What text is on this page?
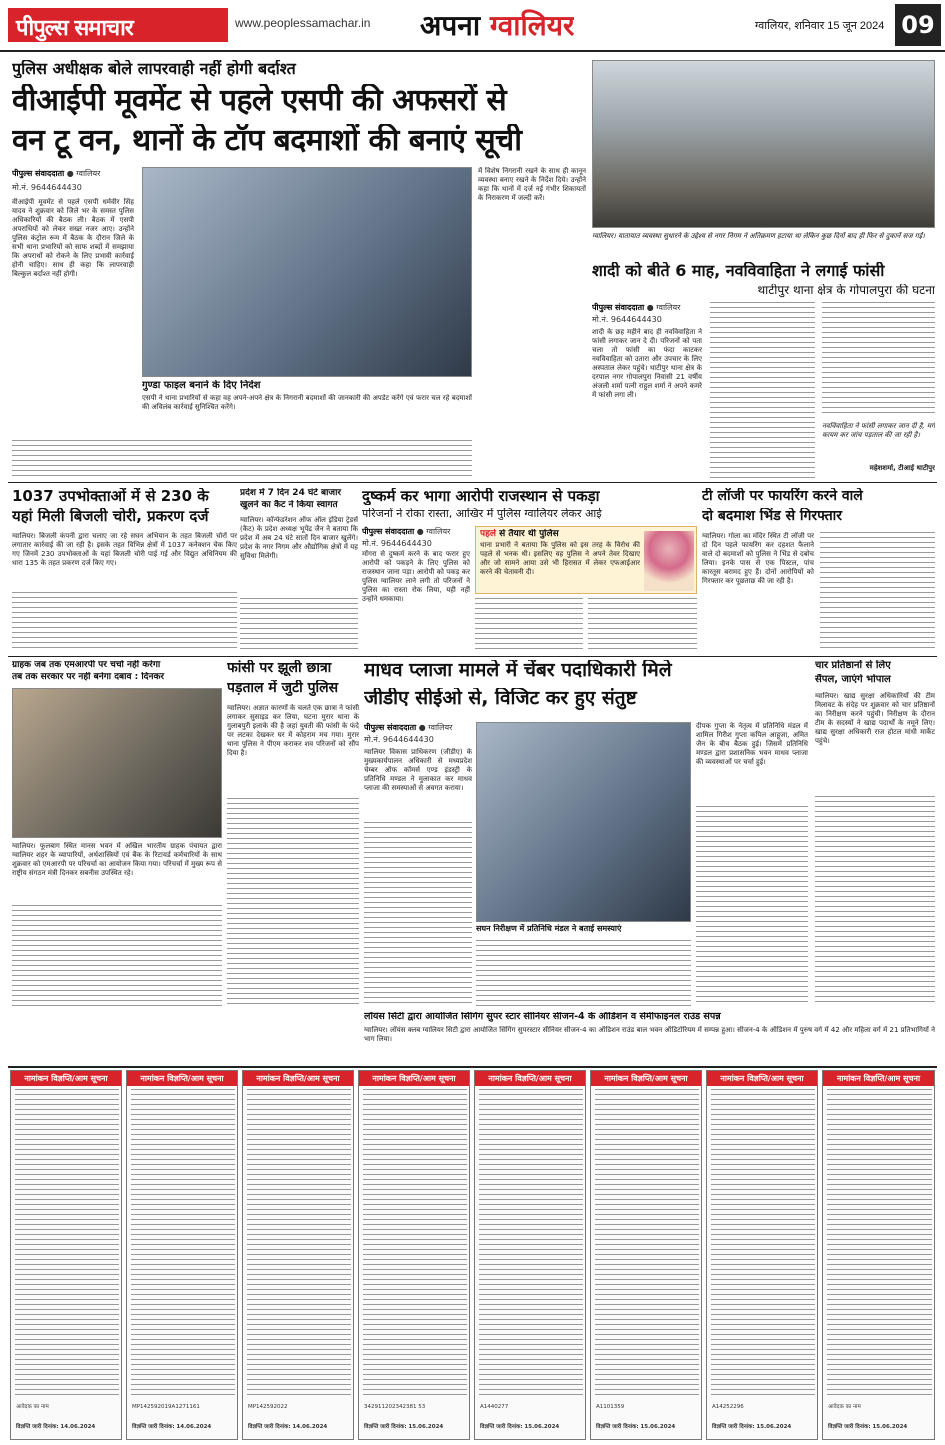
पीपुल्स समाचार	www.peoplessamachar.in अपना ग्वालियर	ग्वालियर, शनिवार 15 जून 2024 09
पुलिस अधीक्षक बोले लापरवाही नहीं होगी बर्दाश्त
वीआईपी मूवमेंट से पहले एसपी की अफसरों से
वन टू वन, थानों के टॉप बदमाशों की बनाएं सूची
पीपुल्स संवाददाता ● ग्वालियर
मो.नं. 9644644430
वीआईपी मूवमेंट से पहले एसपी धर्मवीर सिंह यादव ने शुक्रवार को जिले भर के समस्त पुलिस अधिकारियों की बैठक ली। बैठक में एसपी अपराधियों को लेकर सख्त नजर आए। उन्होंने पुलिस कंट्रोल रूम में बैठक के दौरान जिले के सभी थाना प्रभारियों को साफ शब्दों में समझाया कि अपराधों को रोकने के लिए प्रभावी कार्रवाई होनी चाहिए। साथ ही कहा कि लापरवाही बिल्कुल बर्दाश्त नहीं होगी।
गुण्डा फाइल बनाने के दिए निर्देश
एसपी ने थाना प्रभारियों से कहा वह अपने-अपने क्षेत्र के निगरानी बदमाशों की जानकारी की अपडेट करेंगे एवं फरार चल रहे बदमाशों की अविलंब कार्रवाई सुनिश्चित करेंगे।
में विशेष निगरानी रखने के साथ ही कानून व्यवस्था बनाए रखने के निर्देश दिये। उन्होंने कहा कि थानों में दर्ज नई गंभीर शिकायतों के निराकरण में जल्दी करें।
ग्वालियर। यातायात व्यवस्था सुधारने के उद्देश्य से नगर निगम ने अतिक्रमण हटाया था लेकिन कुछ दिनों बाद ही फिर से दुकानें सज गईं।
शादी को बीते 6 माह, नवविवाहिता ने लगाई फांसी
थाटीपुर थाना क्षेत्र के गोपालपुरा की घटना
पीपुल्स संवाददाता ● ग्वालियर
मो.नं. 9644644430
शादी के छह महीने बाद ही नवविवाहिता ने फांसी लगाकर जान दे दी। परिजनों को पता चला तो फांसी का फंदा काटकर नवविवाहिता को उतारा और उपचार के लिए अस्पताल लेकर पहुंचे। थाटीपुर थाना क्षेत्र के दरपाल नगर गोपालपुरा निवासी 21 वर्षीय अंजली शर्मा पत्नी राहुल शर्मा ने अपने कमरे में फांसी लगा ली।
नवविवाहिता ने फांसी लगाकर जान दी है, मर्ग कायम कर जांच पड़ताल की जा रही है।
महेशशर्मा, टीआई थाटीपुर
1037 उपभोक्ताओं में से 230 के
यहां मिली बिजली चोरी, प्रकरण दर्ज
ग्वालियर। बिजली कंपनी द्वारा चलाए जा रहे सघन अभियान के तहत बिजली चोरों पर लगातार कार्रवाई की जा रही है। इसके तहत विभिन्न क्षेत्रों में 1037 कनेक्शन चेक किए गए जिनमें 230 उपभोक्ताओं के यहां बिजली चोरी पाई गई और विद्युत अधिनियम की धारा 135 के तहत प्रकरण दर्ज किए गए।
प्रदेश में 7 दिन 24 घंटे बाजार
खुलने का कैट ने किया स्वागत
ग्वालियर। कॉन्फेडरेशन ऑफ ऑल इंडिया ट्रेडर्स (कैट) के प्रदेश अध्यक्ष भूपेंद्र जैन ने बताया कि प्रदेश में अब 24 घंटे सातों दिन बाजार खुलेंगे। प्रदेश के नगर निगम और औद्योगिक क्षेत्रों में यह सुविधा मिलेगी।
दुष्कर्म कर भागा आरोपी राजस्थान से पकड़ा
परिजनों ने रोका रास्ता, आखिर में पुलिस ग्वालियर लेकर आई
पीपुल्स संवाददाता ● ग्वालियर
मो.नं. 9644644430
मोंगरा से दुष्कर्म करने के बाद फरार हुए आरोपी को पकड़ने के लिए पुलिस को राजस्थान जाना पड़ा। आरोपी को पकड़ कर पुलिस ग्वालियर लाने लगी तो परिजनों ने पुलिस का रास्ता रोक लिया, यही नहीं उन्होंने धमकाया।
पहले से तैयार थी पुलिस
थाना प्रभारी ने बताया कि पुलिस को इस तरह के विरोध की पहले से भनक थी। इसलिए वह पुलिस ने अपने तेवर दिखाए और जो सामने आया उसे भी हिरासत में लेकर एफआईआर करने की चेतावनी दी।
टी लॉजी पर फायरिंग करने वाले
दो बदमाश भिंड से गिरफ्तार
ग्वालियर। गोला का मंदिर स्थित टी लॉजी पर दो दिन पहले फायरिंग कर दहशत फैलाने वाले दो बदमाशों को पुलिस ने भिंड से दबोच लिया। इनके पास से एक पिस्टल, पांच कारतूस बरामद हुए हैं। दोनों आरोपियों को गिरफ्तार कर पूछताछ की जा रही है।
ग्राहक जब तक एमआरपी पर चर्चा नहीं करेगा
तब तक सरकार पर नहीं बनेगा दबाव : दिनकर
ग्वालियर। फूलबाग स्थित मानस भवन में अखिल भारतीय ग्राहक पंचायत द्वारा ग्वालियर शहर के व्यापारियों, अर्थशास्त्रियों एवं बैंक के रिटायर्ड कर्मचारियों के साथ शुक्रवार को एमआरपी पर परिचर्चा का आयोजन किया गया। परिचर्चा में मुख्य रूप से राष्ट्रीय संगठन मंत्री दिनकर सबनीस उपस्थित रहे।
फांसी पर झूली छात्रा
पड़ताल में जुटी पुलिस
ग्वालियर। अज्ञात कारणों के चलते एक छात्रा ने फांसी लगाकर सुसाइड कर लिया, घटना मुरार थाना के गुलाबपुरी इलाके की है जहां युवती की फांसी के फंदे पर लटका देखकर घर में कोहराम मच गया। मुरार थाना पुलिस ने पीएम कराकर शव परिजनों को सौंप दिया है।
माधव प्लाजा मामले में चेंबर पदाधिकारी मिले
जीडीए सीईओ से, विजिट कर हुए संतुष्ट
पीपुल्स संवाददाता ● ग्वालियर
मो.नं. 9644644430
ग्वालियर विकास प्राधिकरण (जीडीए) के मुख्यकार्यपालन अधिकारी से मध्यप्रदेश चेम्बर ऑफ कॉमर्स एण्ड इंडस्ट्री के प्रतिनिधि मण्डल ने मुलाकात कर माधव प्लाजा की समस्याओं से अवगत कराया।
सघन निरीक्षण में प्रतिनिधि मंडल ने बताई समस्याएं
दीपक गुप्ता के नेतृत्व में प्रतिनिधि मंडल में शामिल गिरीश गुप्ता कपिल आहूजा, अमित जैन के बीच बैठक हुई। जिसमें प्रतिनिधि मण्डल द्वारा प्रशासनिक भवन माधव प्लाजा की व्यवस्थाओं पर चर्चा हुई।
चार प्रतिष्ठानों से लिए
सैंपल, जाएंगे भोपाल
ग्वालियर। खाद्य सुरक्षा अधिकारियों की टीम मिलावट के संदेह पर शुक्रवार को चार प्रतिष्ठानों का निरीक्षण करने पहुंची। निरीक्षण के दौरान टीम के सदस्यों ने खाद्य पदार्थों के नमूने लिए। खाद्य सुरक्षा अधिकारी राज होटल मांधी मार्केट पहुंचे।
लॉयंस सिटी द्वारा आयोजित सिंगिंग सुपर स्टार सीनियर सीजन-4 के ऑडिशन व सेमीफाइनल राउंड संपन्न
ग्वालियर। लॉयंस क्लब ग्वालियर सिटी द्वारा आयोजित सिंगिंग सुपरस्टार सीनियर सीजन-4 का ऑडिशन राउंड बाल भवन ऑडिटोरियम में सम्पन्न हुआ। सीजन-4 के ऑडिशन में पुरुष वर्ग में 42 और महिला वर्ग में 21 प्रतिभागियों ने भाग लिया।
नामांकन विज्ञप्ति/आम सूचना
आवेदक का नाम
विज्ञप्ति जारी दिनांक: 14.06.2024
नामांकन विज्ञप्ति/आम सूचना
MP142592019A1271161
विज्ञप्ति जारी दिनांक: 14.06.2024
नामांकन विज्ञप्ति/आम सूचना
MP142592022
विज्ञप्ति जारी दिनांक: 14.06.2024
नामांकन विज्ञप्ति/आम सूचना
342911202342381 53
विज्ञप्ति जारी दिनांक: 15.06.2024
नामांकन विज्ञप्ति/आम सूचना
A1440277
विज्ञप्ति जारी दिनांक: 15.06.2024
नामांकन विज्ञप्ति/आम सूचना
A1101359
विज्ञप्ति जारी दिनांक: 15.06.2024
नामांकन विज्ञप्ति/आम सूचना
A14252296
विज्ञप्ति जारी दिनांक: 15.06.2024
नामांकन विज्ञप्ति/आम सूचना
आवेदक का नाम
विज्ञप्ति जारी दिनांक: 15.06.2024
